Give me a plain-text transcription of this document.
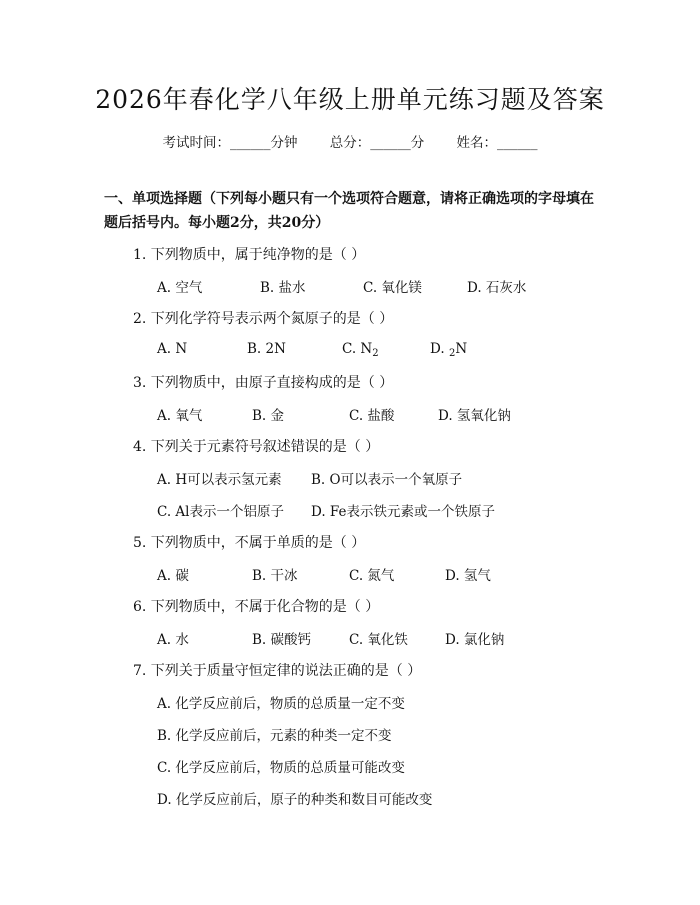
2026年春化学八年级上册单元练习题及答案
考试时间：______分钟 总分：______分 姓名：______
一、单项选择题（下列每小题只有一个选项符合题意，请将正确选项的字母填在题后括号内。每小题2分，共20分）
1. 下列物质中，属于纯净物的是（ ）
A. 空气	B. 盐水	C. 氧化镁	D. 石灰水
2. 下列化学符号表示两个氮原子的是（ ）
A. N	B. 2N	C. $N_2$	D. $_2$N
3. 下列物质中，由原子直接构成的是（ ）
A. 氧气	B. 金	C. 盐酸	D. 氢氧化钠
4. 下列关于元素符号叙述错误的是（ ）
A. H可以表示氢元素 B. O可以表示一个氧原子
C. Al表示一个铝原子 D. Fe表示铁元素或一个铁原子
5. 下列物质中，不属于单质的是（ ）
A. 碳	B. 干冰	C. 氮气	D. 氢气
6. 下列物质中，不属于化合物的是（ ）
A. 水	B. 碳酸钙	C. 氧化铁	D. 氯化钠
7. 下列关于质量守恒定律的说法正确的是（ ）
A. 化学反应前后，物质的总质量一定不变
B. 化学反应前后，元素的种类一定不变
C. 化学反应前后，物质的总质量可能改变
D. 化学反应前后，原子的种类和数目可能改变
